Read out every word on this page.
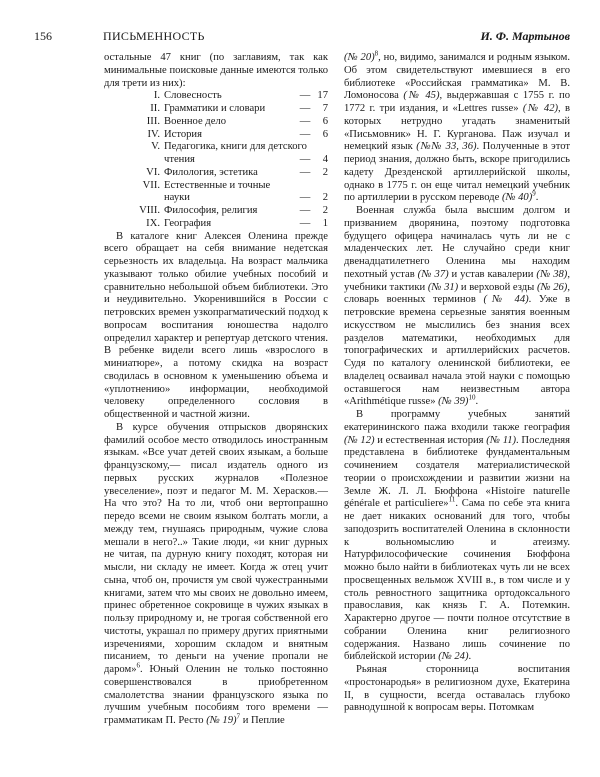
156	ПИСЬМЕННОСТЬ	И. Ф. Мартынов

остальные 47 книг (по заглавиям, так как минимальные поисковые данные имеются только для трети из них):

I. Словесность	— 17
II. Грамматики и словари	—	7
III. Военное дело	—	6
IV. История	—	6
V. Педагогика, книги для детского
чтения	—	4
VI. Филология, эстетика	—	2
VII. Естественные и точные
науки	—	2
VIII. Философия, религия	—	2
IX. География	—	1

В каталоге книг Алексея Оленина прежде всего обращает на себя внимание недетская серьезность их владельца. На возраст мальчика указывают только обилие учебных пособий и сравнительно небольшой объем библиотеки. Это и неудивительно. Укоренившийся в России с петровских времен узкопрагматический подход к вопросам воспитания юношества надолго определил характер и репертуар детского чтения. В ребенке видели всего лишь «взрослого в миниатюре», а потому скидка на возраст сводилась в основном к уменьшению объема и «уплотнению» информации, необходимой человеку определенного сословия в общественной и частной жизни.

В курсе обучения отпрысков дворянских фамилий особое место отводилось иностранным языкам. «Все учат детей своих языкам, а больше французскому,— писал издатель одного из первых русских журналов «Полезное увеселение», поэт и педагог М. М. Херасков.— На что это? На то ли, чтоб они вертопрашно передо всеми не своим языком болтать могли, а между тем, гнушаясь природным, чужие слова мешали в него?..» Такие люди, «и книг дурных не читая, па дурную книгу походят, которая ни мысли, ни складу не имеет. Когда ж отец учит сына, чтоб он, прочистя ум свой чужестранными книгами, затем что мы своих не довольно имеем, принес обретенное сокровище в чужих языках в пользу природному и, не трогая собственной его чистоты, украшал по примеру других приятными изречениями, хорошим складом и внятным писанием, то деньги на учение пропали не даром»$^6$. Юный Оленин не только постоянно совершенствовался в приобретенном смалолетства знании французского языка по лучшим учебным пособиям того времени — грамматикам П. Ресто (№ 19)$^7$ и Пеплие

(№ 20)$^8$, но, видимо, занимался и родным языком. Об этом свидетельствуют имевшиеся в его библиотеке «Российская грамматика» М. В. Ломоносова (№ 45), выдержавшая с 1755 г. по 1772 г. три издания, и «Lettres russe» (№ 42), в которых нетрудно угадать знаменитый «Письмовник» Н. Г. Курганова. Паж изучал и немецкий язык (№№ 33, 36). Полученные в этот период знания, должно быть, вскоре пригодились кадету Дрезденской артиллерийской школы, однако в 1775 г. он еще читал немецкий учебник по артиллерии в русском переводе (№ 40)$^9$.

Военная служба была высшим долгом и призванием дворянина, поэтому подготовка будущего офицера начиналась чуть ли не с младенческих лет. Не случайно среди книг двенадцатилетнего Оленина мы находим пехотный устав (№ 37) и устав кавалерии (№ 38), учебники тактики (№ 31) и верховой езды (№ 26), словарь военных терминов (№ 44). Уже в петровские времена серьезные занятия военным искусством не мыслились без знания всех разделов математики, необходимых для топографических и артиллерийских расчетов. Судя по каталогу оленинской библиотеки, ее владелец осваивал начала этой науки с помощью оставшегося нам неизвестным автора «Arithmétique russe» (№ 39)$^{10}$.

В программу учебных занятий екатерининского пажа входили также география (№ 12) и естественная история (№ 11). Последняя представлена в библиотеке фундаментальным сочинением создателя материалистической теории о происхождении и развитии жизни на Земле Ж. Л. Л. Бюффона «Histoire naturelle générale et particuliere»$^{11}$. Сама по себе эта книга не дает никаких оснований для того, чтобы заподозрить воспитателей Оленина в склонности к вольномыслию и атеизму. Натурфилософические сочинения Бюффона можно было найти в библиотеках чуть ли не всех просвещенных вельмож XVIII в., в том числе и у столь ревностного защитника ортодоксального православия, как князь Г. А. Потемкин. Характерно другое — почти полное отсутствие в собрании Оленина книг религиозного содержания. Названо лишь сочинение по библейской истории (№ 24).

Рьяная сторонница воспитания «простонародья» в религиозном духе, Екатерина II, в сущности, всегда оставалась глубоко равнодушной к вопросам веры. Потомкам
